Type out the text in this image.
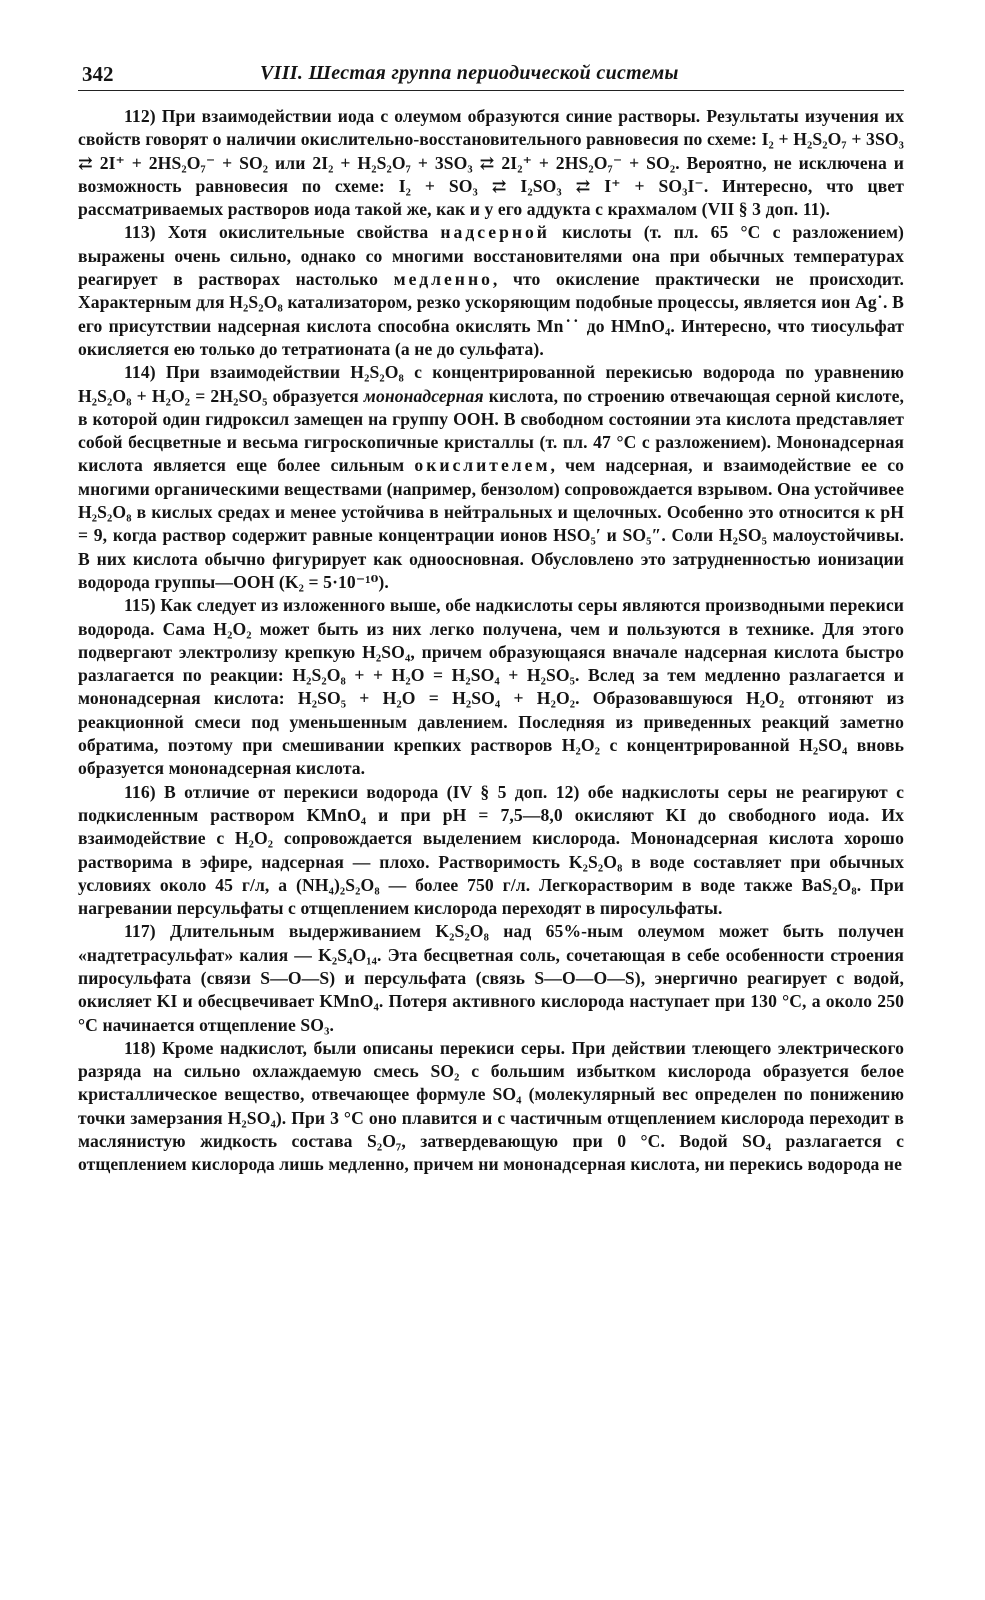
342	VIII. Шестая группа периодической системы

112) При взаимодействии иода с олеумом образуются синие растворы. Результаты изучения их свойств говорят о наличии окислительно-восстановительного равновесия по схеме: I₂ + H₂S₂O₇ + 3SO₃ ⇄ 2I⁺ + 2HS₂O₇⁻ + SO₂ или 2I₂ + H₂S₂O₇ + 3SO₃ ⇄ 2I₂⁺ + 2HS₂O₇⁻ + SO₂. Вероятно, не исключена и возможность равновесия по схеме: I₂ + SO₃ ⇄ I₂SO₃ ⇄ I⁺ + SO₃I⁻. Интересно, что цвет рассматриваемых растворов иода такой же, как и у его аддукта с крахмалом (VII § 3 доп. 11).

113) Хотя окислительные свойства надсерной кислоты (т. пл. 65 °С с разложением) выражены очень сильно, однако со многими восстановителями она при обычных температурах реагирует в растворах настолько медленно, что окисление практически не происходит. Характерным для H₂S₂O₈ катализатором, резко ускоряющим подобные процессы, является ион Ag˙. В его присутствии надсерная кислота способна окислять Mn˙˙ до HMnO₄. Интересно, что тиосульфат окисляется ею только до тетратионата (а не до сульфата).

114) При взаимодействии H₂S₂O₈ с концентрированной перекисью водорода по уравнению H₂S₂O₈ + H₂O₂ = 2H₂SO₅ образуется мононадсерная кислота, по строению отвечающая серной кислоте, в которой один гидроксил замещен на группу OOH. В свободном состоянии эта кислота представляет собой бесцветные и весьма гигроскопичные кристаллы (т. пл. 47 °С с разложением). Мононадсерная кислота является еще более сильным окислителем, чем надсерная, и взаимодействие ее со многими органическими веществами (например, бензолом) сопровождается взрывом. Она устойчивее H₂S₂O₈ в кислых средах и менее устойчива в нейтральных и щелочных. Особенно это относится к pH = 9, когда раствор содержит равные концентрации ионов HSO₅′ и SO₅″. Соли H₂SO₅ малоустойчивы. В них кислота обычно фигурирует как одноосновная. Обусловлено это затрудненностью ионизации водорода группы—OOH (K₂ = 5·10⁻¹⁰).

115) Как следует из изложенного выше, обе надкислоты серы являются производными перекиси водорода. Сама H₂O₂ может быть из них легко получена, чем и пользуются в технике. Для этого подвергают электролизу крепкую H₂SO₄, причем образующаяся вначале надсерная кислота быстро разлагается по реакции: H₂S₂O₈ + + H₂O = H₂SO₄ + H₂SO₅. Вслед за тем медленно разлагается и мононадсерная кислота: H₂SO₅ + H₂O = H₂SO₄ + H₂O₂. Образовавшуюся H₂O₂ отгоняют из реакционной смеси под уменьшенным давлением. Последняя из приведенных реакций заметно обратима, поэтому при смешивании крепких растворов H₂O₂ с концентрированной H₂SO₄ вновь образуется мононадсерная кислота.

116) В отличие от перекиси водорода (IV § 5 доп. 12) обе надкислоты серы не реагируют с подкисленным раствором KMnO₄ и при pH = 7,5—8,0 окисляют KI до свободного иода. Их взаимодействие с H₂O₂ сопровождается выделением кислорода. Мононадсерная кислота хорошо растворима в эфире, надсерная — плохо. Растворимость K₂S₂O₈ в воде составляет при обычных условиях около 45 г/л, а (NH₄)₂S₂O₈ — более 750 г/л. Легкорастворим в воде также BaS₂O₈. При нагревании персульфаты с отщеплением кислорода переходят в пиросульфаты.

117) Длительным выдерживанием K₂S₂O₈ над 65%-ным олеумом может быть получен «надтетрасульфат» калия — K₂S₄O₁₄. Эта бесцветная соль, сочетающая в себе особенности строения пиросульфата (связи S—O—S) и персульфата (связь S—O—O—S), энергично реагирует с водой, окисляет KI и обесцвечивает KMnO₄. Потеря активного кислорода наступает при 130 °С, а около 250 °С начинается отщепление SO₃.

118) Кроме надкислот, были описаны перекиси серы. При действии тлеющего электрического разряда на сильно охлаждаемую смесь SO₂ с большим избытком кислорода образуется белое кристаллическое вещество, отвечающее формуле SO₄ (молекулярный вес определен по понижению точки замерзания H₂SO₄). При 3 °С оно плавится и с частичным отщеплением кислорода переходит в маслянистую жидкость состава S₂O₇, затвердевающую при 0 °С. Водой SO₄ разлагается с отщеплением кислорода лишь медленно, причем ни мононадсерная кислота, ни перекись водорода не
